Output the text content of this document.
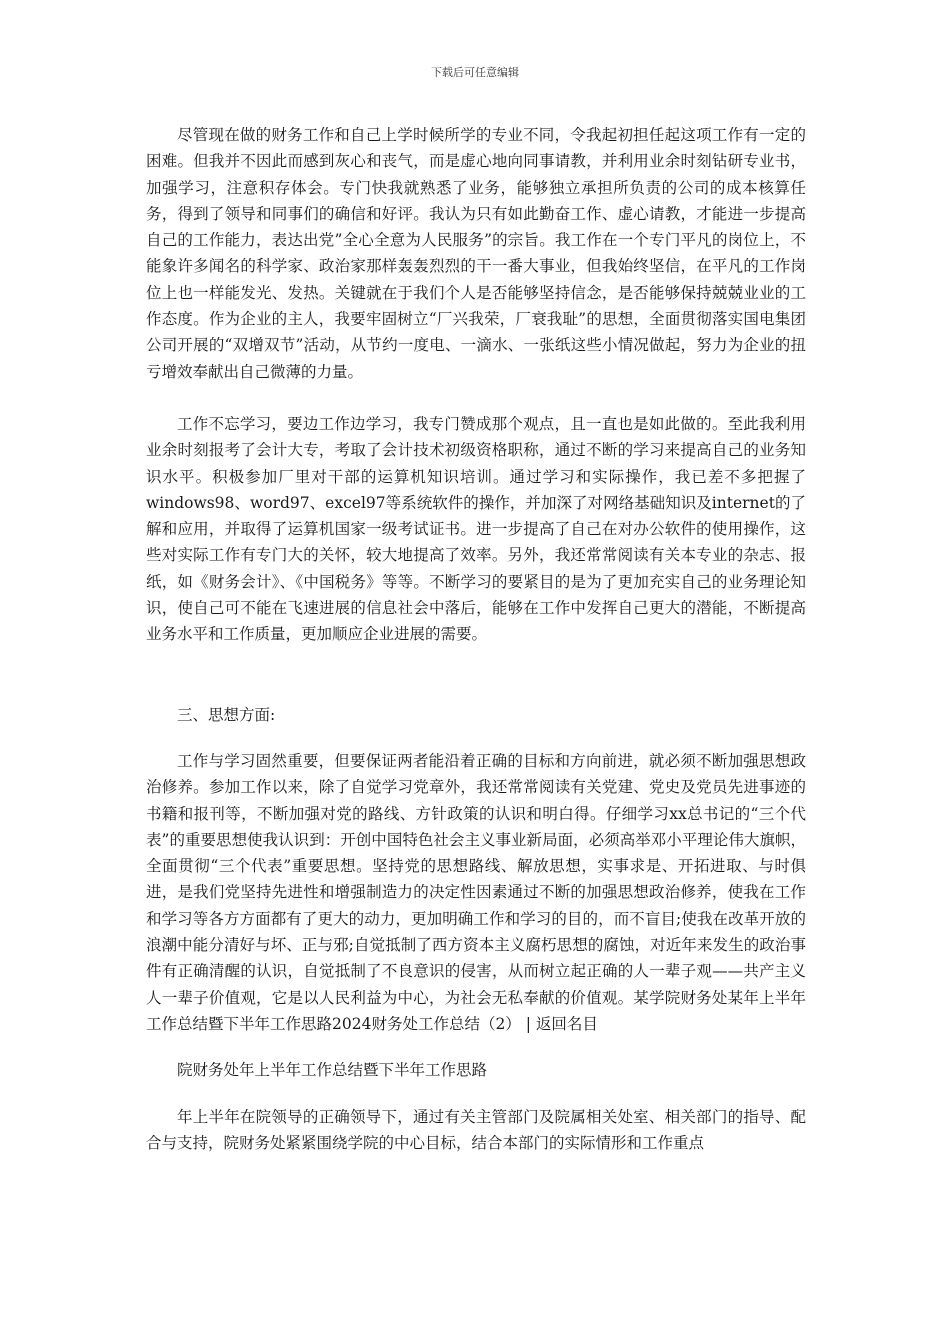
下载后可任意编辑

尽管现在做的财务工作和自己上学时候所学的专业不同，令我起初担任起这项工作有一定的困难。但我并不因此而感到灰心和丧气，而是虚心地向同事请教，并利用业余时刻钻研专业书，加强学习，注意积存体会。专门快我就熟悉了业务，能够独立承担所负责的公司的成本核算任务，得到了领导和同事们的确信和好评。我认为只有如此勤奋工作、虚心请教，才能进一步提高自己的工作能力，表达出党”全心全意为人民服务”的宗旨。我工作在一个专门平凡的岗位上，不能象许多闻名的科学家、政治家那样轰轰烈烈的干一番大事业，但我始终坚信，在平凡的工作岗位上也一样能发光、发热。关键就在于我们个人是否能够坚持信念，是否能够保持兢兢业业的工作态度。作为企业的主人，我要牢固树立“厂兴我荣，厂衰我耻”的思想，全面贯彻落实国电集团公司开展的“双增双节”活动，从节约一度电、一滴水、一张纸这些小情况做起，努力为企业的扭亏增效奉献出自己微薄的力量。

工作不忘学习，要边工作边学习，我专门赞成那个观点，且一直也是如此做的。至此我利用业余时刻报考了会计大专，考取了会计技术初级资格职称，通过不断的学习来提高自己的业务知识水平。积极参加厂里对干部的运算机知识培训。通过学习和实际操作，我已差不多把握了windows98、word97、excel97等系统软件的操作，并加深了对网络基础知识及internet的了解和应用，并取得了运算机国家一级考试证书。进一步提高了自己在对办公软件的使用操作，这些对实际工作有专门大的关怀，较大地提高了效率。另外，我还常常阅读有关本专业的杂志、报纸，如《财务会计》、《中国税务》等等。不断学习的要紧目的是为了更加充实自己的业务理论知识，使自己可不能在飞速进展的信息社会中落后，能够在工作中发挥自己更大的潜能，不断提高业务水平和工作质量，更加顺应企业进展的需要。

三、思想方面:

工作与学习固然重要，但要保证两者能沿着正确的目标和方向前进，就必须不断加强思想政治修养。参加工作以来，除了自觉学习党章外，我还常常阅读有关党建、党史及党员先进事迹的书籍和报刊等，不断加强对党的路线、方针政策的认识和明白得。仔细学习xx总书记的“三个代表”的重要思想使我认识到：开创中国特色社会主义事业新局面，必须高举邓小平理论伟大旗帜，全面贯彻“三个代表”重要思想。坚持党的思想路线、解放思想，实事求是、开拓进取、与时俱进，是我们党坚持先进性和增强制造力的决定性因素通过不断的加强思想政治修养，使我在工作和学习等各方方面都有了更大的动力，更加明确工作和学习的目的，而不盲目;使我在改革开放的浪潮中能分清好与坏、正与邪;自觉抵制了西方资本主义腐朽思想的腐蚀，对近年来发生的政治事件有正确清醒的认识，自觉抵制了不良意识的侵害，从而树立起正确的人一辈子观——共产主义人一辈子价值观，它是以人民利益为中心，为社会无私奉献的价值观。某学院财务处某年上半年工作总结暨下半年工作思路2024财务处工作总结（2） | 返回名目

院财务处年上半年工作总结暨下半年工作思路

年上半年在院领导的正确领导下，通过有关主管部门及院属相关处室、相关部门的指导、配合与支持，院财务处紧紧围绕学院的中心目标，结合本部门的实际情形和工作重点
